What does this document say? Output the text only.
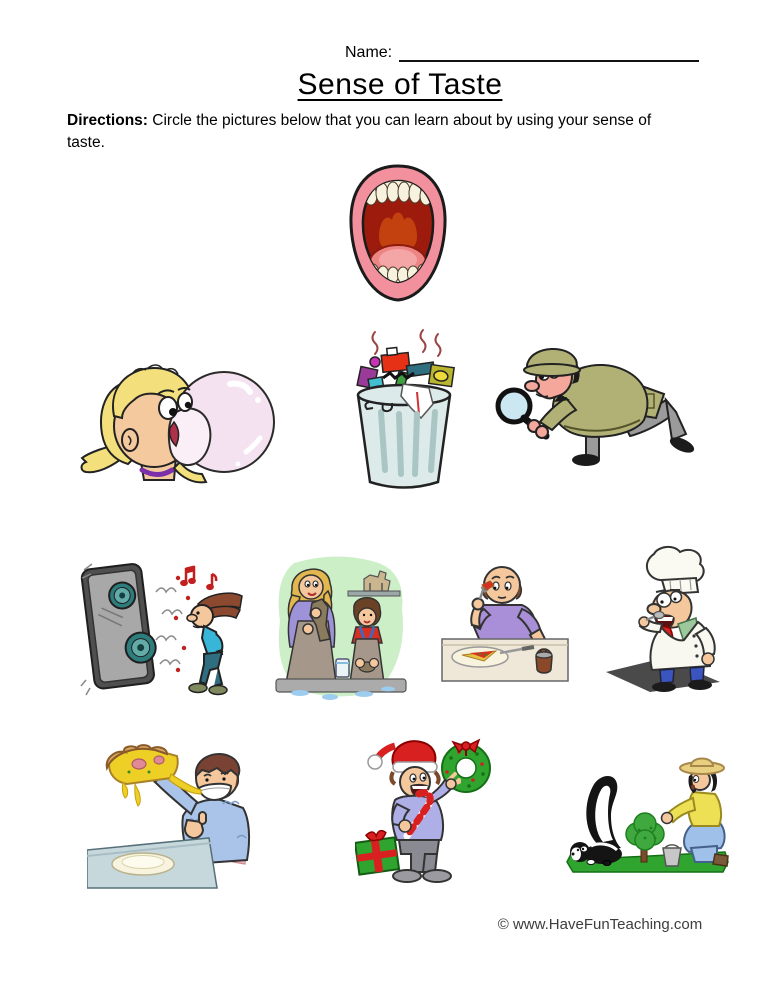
Name:
Sense of Taste

Directions: Circle the pictures below that you can learn about by using your sense of taste.

© www.HaveFunTeaching.com
